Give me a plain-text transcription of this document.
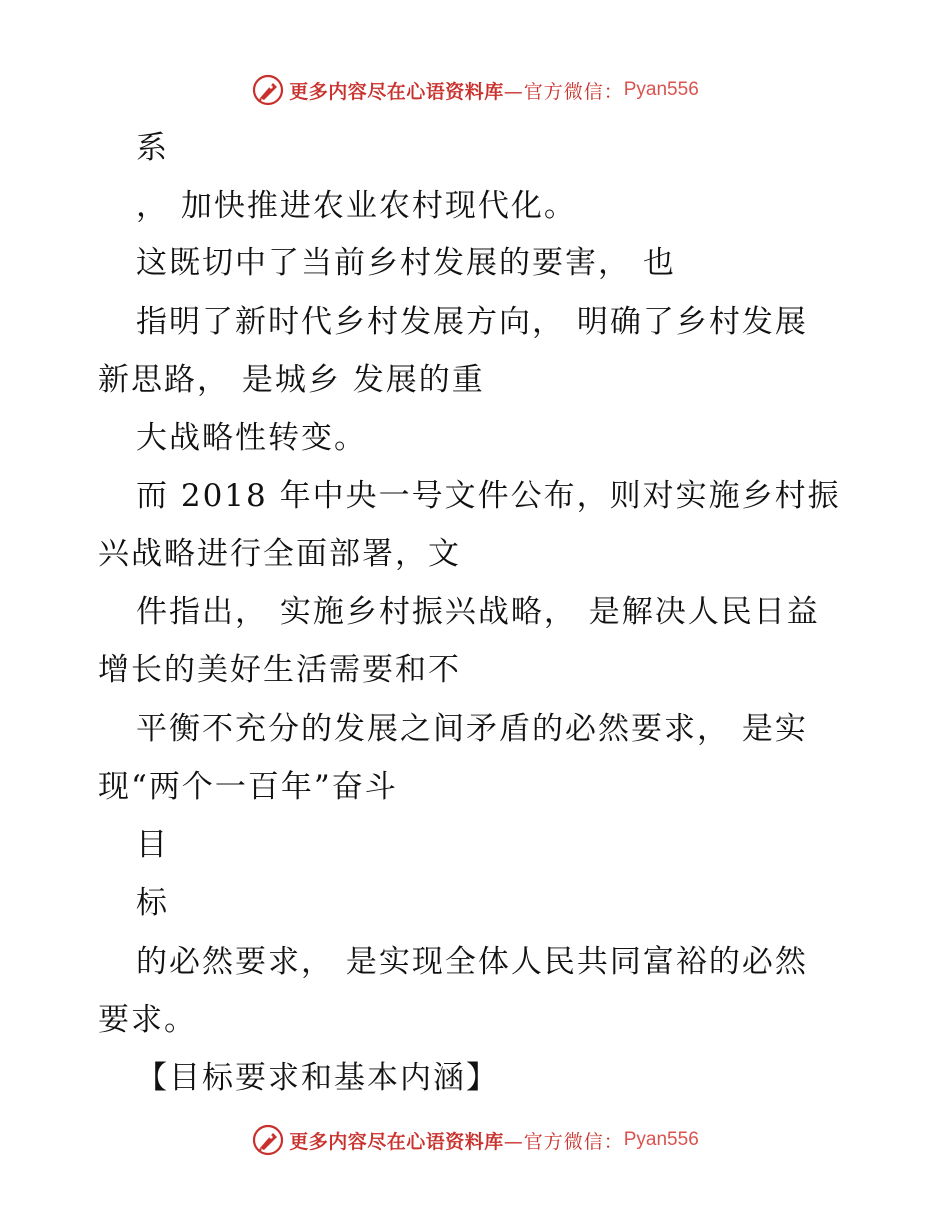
更多内容尽在心语资料库 —官方微信： Pyan556
系
， 加快推进农业农村现代化。
这既切中了当前乡村发展的要害， 也
指明了新时代乡村发展方向， 明确了乡村发展
新思路， 是城乡 发展的重
大战略性转变。
而 2018 年中央一号文件公布，则对实施乡村振
兴战略进行全面部署，文
件指出， 实施乡村振兴战略， 是解决人民日益
增长的美好生活需要和不
平衡不充分的发展之间矛盾的必然要求， 是实
现“两个一百年”奋斗
目
标
的必然要求， 是实现全体人民共同富裕的必然
要求。
【目标要求和基本内涵】
更多内容尽在心语资料库 —官方微信： Pyan556
